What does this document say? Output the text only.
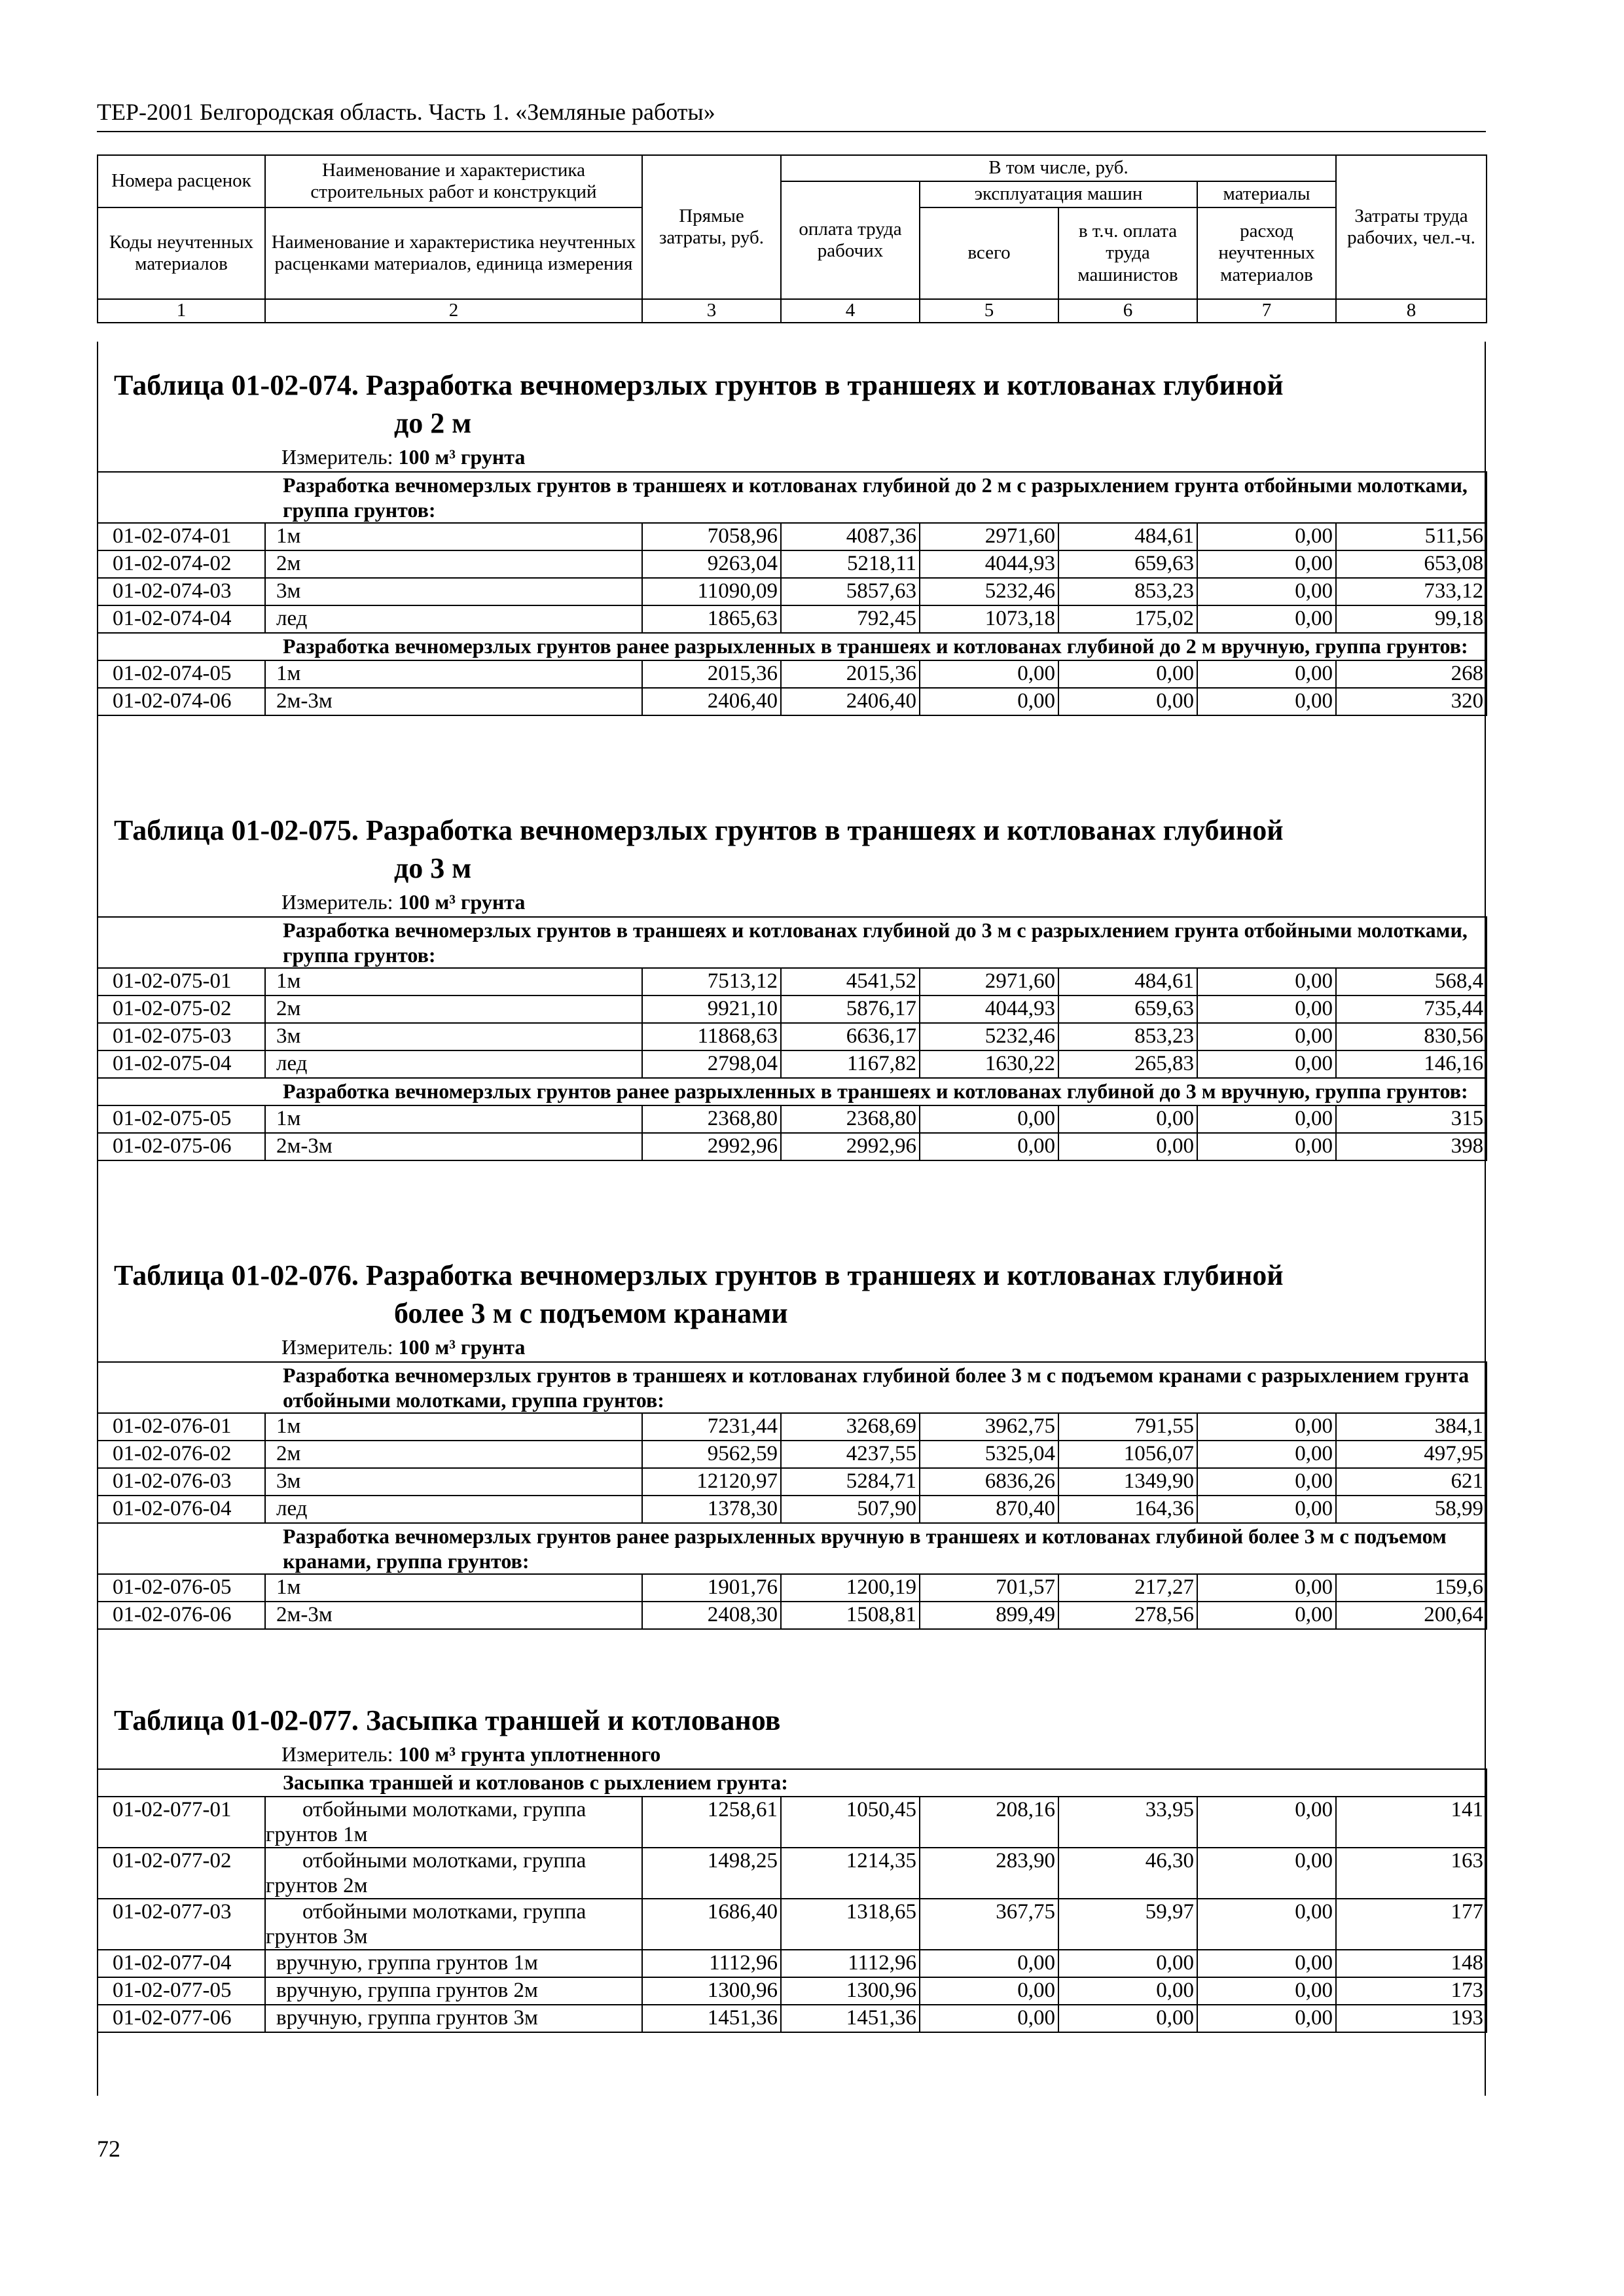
ТЕР-2001 Белгородская область. Часть 1. «Земляные работы»
Номера расценок	Наименование и характеристика строительных работ и конструкций	Прямые затраты, руб.	В том числе, руб.				Затраты труда рабочих, чел.-ч.
			оплата труда рабочих	эксплуатация машин		материалы	
Коды неучтенных материалов	Наименование и характеристика неучтенных расценками материалов, единица измерения			всего	в т.ч. оплата труда машинистов	расход неучтенных материалов	

1	2	3	4	5	6	7	8
Таблица 01-02-074. Разработка вечномерзлых грунтов в траншеях и котлованах глубиной
до 2 м
Измеритель: 100 м³ грунта
Разработка вечномерзлых грунтов в траншеях и котлованах глубиной до 2 м с разрыхлением грунта отбойными молотками, группа грунтов:							
01-02-074-01	1м	7058,96	4087,36	2971,60	484,61	0,00	511,56
01-02-074-02	2м	9263,04	5218,11	4044,93	659,63	0,00	653,08
01-02-074-03	3м	11090,09	5857,63	5232,46	853,23	0,00	733,12
01-02-074-04	лед	1865,63	792,45	1073,18	175,02	0,00	99,18
Разработка вечномерзлых грунтов ранее разрыхленных в траншеях и котлованах глубиной до 2 м вручную, группа грунтов:							
01-02-074-05	1м	2015,36	2015,36	0,00	0,00	0,00	268
01-02-074-06	2м-3м	2406,40	2406,40	0,00	0,00	0,00	320
Таблица 01-02-075. Разработка вечномерзлых грунтов в траншеях и котлованах глубиной
до 3 м
Измеритель: 100 м³ грунта
Разработка вечномерзлых грунтов в траншеях и котлованах глубиной до 3 м с разрыхлением грунта отбойными молотками, группа грунтов:							
01-02-075-01	1м	7513,12	4541,52	2971,60	484,61	0,00	568,4
01-02-075-02	2м	9921,10	5876,17	4044,93	659,63	0,00	735,44
01-02-075-03	3м	11868,63	6636,17	5232,46	853,23	0,00	830,56
01-02-075-04	лед	2798,04	1167,82	1630,22	265,83	0,00	146,16
Разработка вечномерзлых грунтов ранее разрыхленных в траншеях и котлованах глубиной до 3 м вручную, группа грунтов:							
01-02-075-05	1м	2368,80	2368,80	0,00	0,00	0,00	315
01-02-075-06	2м-3м	2992,96	2992,96	0,00	0,00	0,00	398
Таблица 01-02-076. Разработка вечномерзлых грунтов в траншеях и котлованах глубиной
более 3 м с подъемом кранами
Измеритель: 100 м³ грунта
Разработка вечномерзлых грунтов в траншеях и котлованах глубиной более 3 м с подъемом кранами с разрыхлением грунта отбойными молотками, группа грунтов:							
01-02-076-01	1м	7231,44	3268,69	3962,75	791,55	0,00	384,1
01-02-076-02	2м	9562,59	4237,55	5325,04	1056,07	0,00	497,95
01-02-076-03	3м	12120,97	5284,71	6836,26	1349,90	0,00	621
01-02-076-04	лед	1378,30	507,90	870,40	164,36	0,00	58,99
Разработка вечномерзлых грунтов ранее разрыхленных вручную в траншеях и котлованах глубиной более 3 м с подъемом кранами, группа грунтов:							
01-02-076-05	1м	1901,76	1200,19	701,57	217,27	0,00	159,6
01-02-076-06	2м-3м	2408,30	1508,81	899,49	278,56	0,00	200,64
Таблица 01-02-077. Засыпка траншей и котлованов
Измеритель: 100 м³ грунта уплотненного
Засыпка траншей и котлованов с рыхлением грунта:							
01-02-077-01	отбойными молотками, группа грунтов 1м	1258,61	1050,45	208,16	33,95	0,00	141
01-02-077-02	отбойными молотками, группа грунтов 2м	1498,25	1214,35	283,90	46,30	0,00	163
01-02-077-03	отбойными молотками, группа грунтов 3м	1686,40	1318,65	367,75	59,97	0,00	177
01-02-077-04	вручную, группа грунтов 1м	1112,96	1112,96	0,00	0,00	0,00	148
01-02-077-05	вручную, группа грунтов 2м	1300,96	1300,96	0,00	0,00	0,00	173
01-02-077-06	вручную, группа грунтов 3м	1451,36	1451,36	0,00	0,00	0,00	193
72
